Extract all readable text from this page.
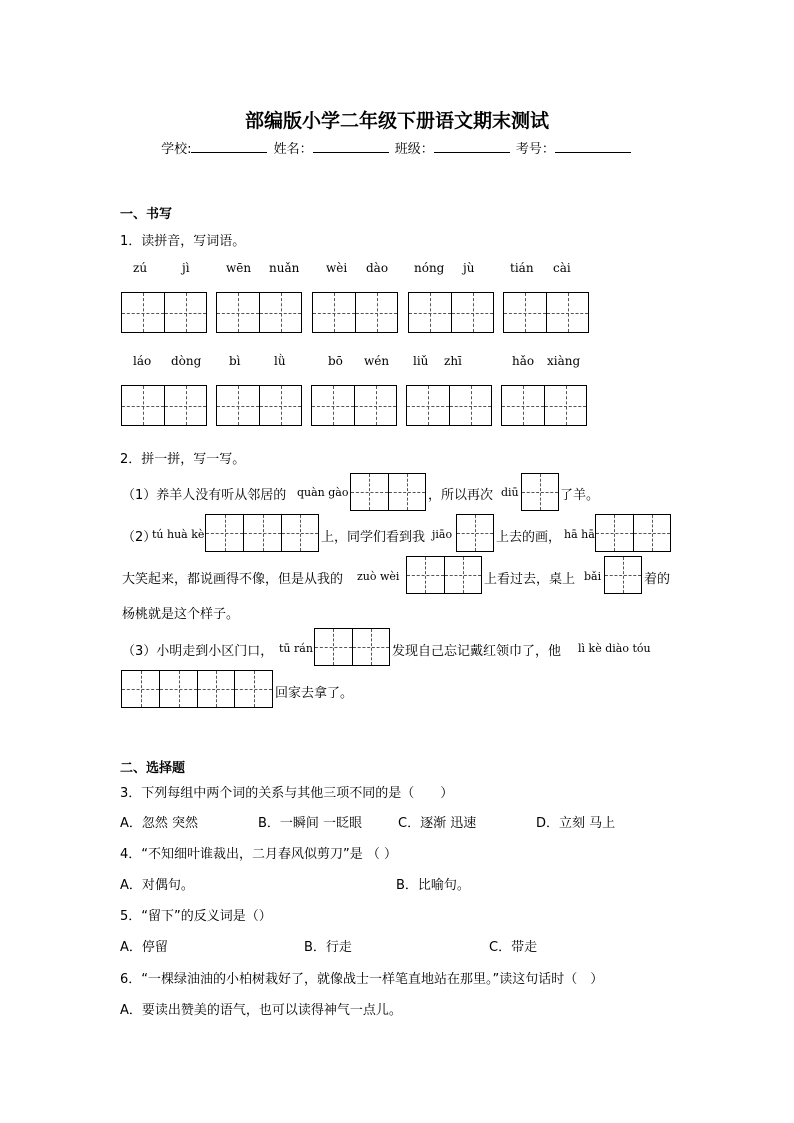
部编版小学二年级下册语文期末测试
学校:	姓名：	班级：	考号：
一、书写
1．读拼音，写词语。
zú	jì	wēn nuǎn wèi dào nóng jù	tián cài
láo dòng bì	lǜ	bō wén liǔ zhī	hǎo xiàng
2．拼一拼，写一写。
（1）养羊人没有听从邻居的 quàn gào	，所以再次 diū	了羊。
（2）
tú huà kè	上，同学们看到我 jiāo	上去的画， hā hā
大笑起来，都说画得不像，但是从我的 zuò wèi	上看过去，桌上 bǎi	着的
杨桃就是这个样子。
（3）小明走到小区门口， tū rán	发现自己忘记戴红领巾了，他 lì kè diào tóu
回家去拿了。
二、选择题
3．下列每组中两个词的关系与其他三项不同的是（　　）
A．忽然 突然	B．一瞬间 一眨眼	C．逐渐 迅速	D．立刻 马上
4．“不知细叶谁裁出，二月春风似剪刀”是 （ ）
A．对偶句。	B．比喻句。
5．“留下”的反义词是（）
A．停留	B．行走	C．带走
6．“一棵绿油油的小柏树栽好了，就像战士一样笔直地站在那里。”读这句话时（　）
A．要读出赞美的语气，也可以读得神气一点儿。
